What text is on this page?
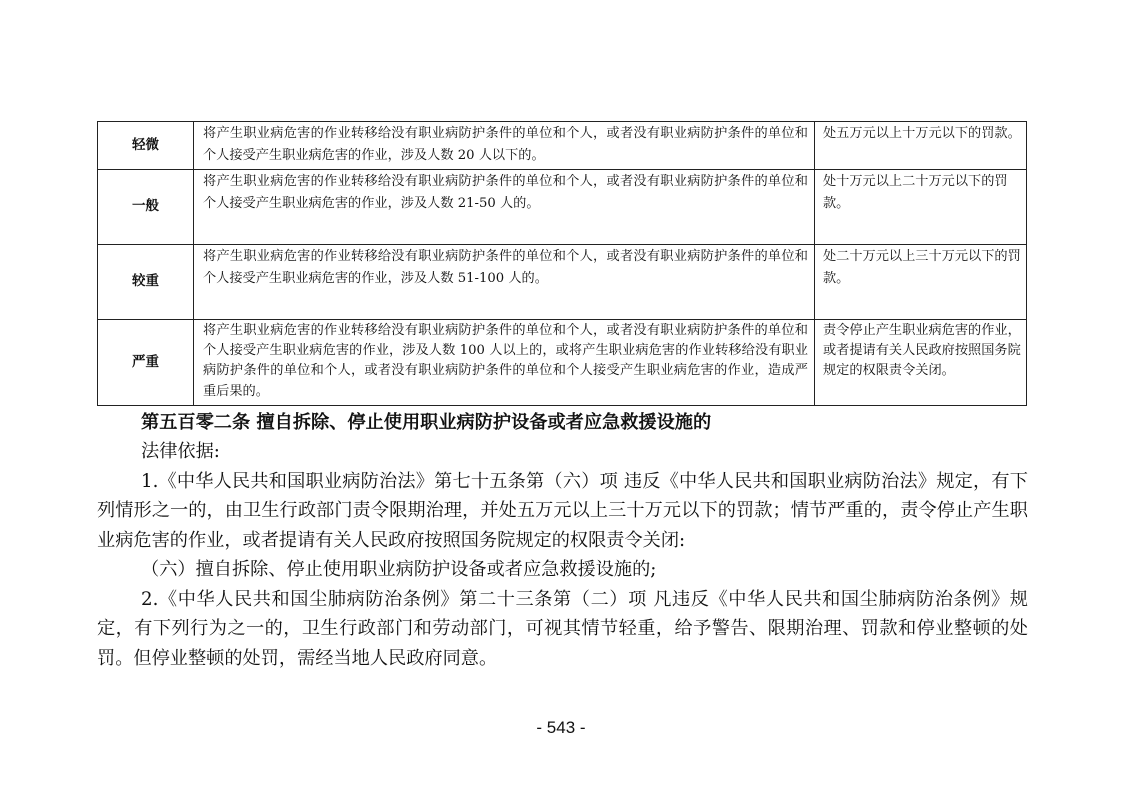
轻微	将产生职业病危害的作业转移给没有职业病防护条件的单位和个人，或者没有职业病防护条件的单位和个人接受产生职业病危害的作业，涉及人数 20 人以下的。	处五万元以上十万元以下的罚款。
一般	将产生职业病危害的作业转移给没有职业病防护条件的单位和个人，或者没有职业病防护条件的单位和个人接受产生职业病危害的作业，涉及人数 21-50 人的。	处十万元以上二十万元以下的罚款。
较重	将产生职业病危害的作业转移给没有职业病防护条件的单位和个人，或者没有职业病防护条件的单位和个人接受产生职业病危害的作业，涉及人数 51-100 人的。	处二十万元以上三十万元以下的罚款。
严重	将产生职业病危害的作业转移给没有职业病防护条件的单位和个人，或者没有职业病防护条件的单位和个人接受产生职业病危害的作业，涉及人数 100 人以上的，或将产生职业病危害的作业转移给没有职业病防护条件的单位和个人，或者没有职业病防护条件的单位和个人接受产生职业病危害的作业，造成严重后果的。	责令停止产生职业病危害的作业，或者提请有关人民政府按照国务院规定的权限责令关闭。

第五百零二条 擅自拆除、停止使用职业病防护设备或者应急救援设施的

法律依据:

1.《中华人民共和国职业病防治法》第七十五条第（六）项 违反《中华人民共和国职业病防治法》规定，有下列情形之一的，由卫生行政部门责令限期治理，并处五万元以上三十万元以下的罚款；情节严重的，责令停止产生职业病危害的作业，或者提请有关人民政府按照国务院规定的权限责令关闭:

（六）擅自拆除、停止使用职业病防护设备或者应急救援设施的;

2.《中华人民共和国尘肺病防治条例》第二十三条第（二）项 凡违反《中华人民共和国尘肺病防治条例》规定，有下列行为之一的，卫生行政部门和劳动部门，可视其情节轻重，给予警告、限期治理、罚款和停业整顿的处罚。但停业整顿的处罚，需经当地人民政府同意。

- 543 -
